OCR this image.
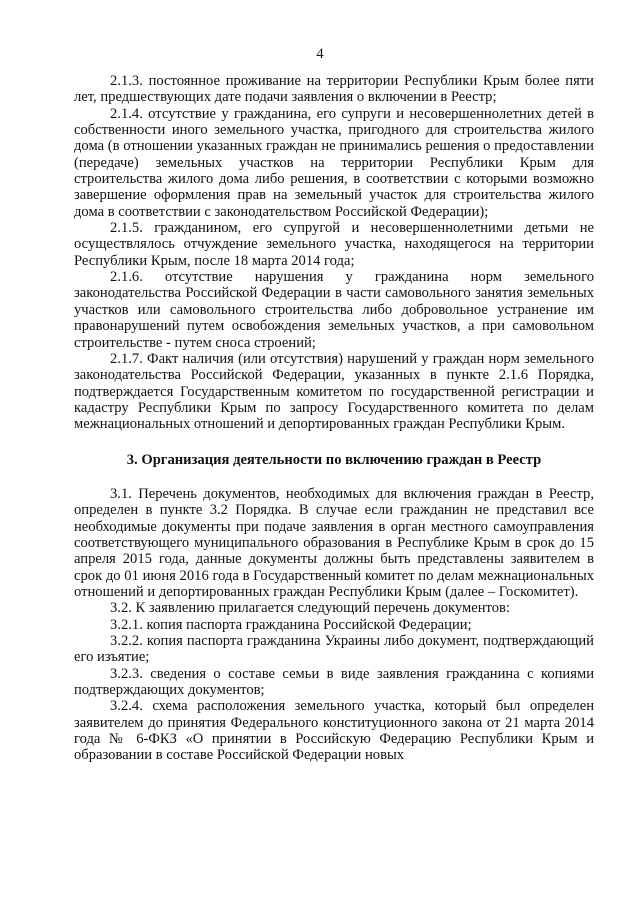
4

2.1.3. постоянное проживание на территории Республики Крым более пяти лет, предшествующих дате подачи заявления о включении в Реестр;

2.1.4. отсутствие у гражданина, его супруги и несовершеннолетних детей в собственности иного земельного участка, пригодного для строительства жилого дома (в отношении указанных граждан не принимались решения о предоставлении (передаче) земельных участков на территории Республики Крым для строительства жилого дома либо решения, в соответствии с которыми возможно завершение оформления прав на земельный участок для строительства жилого дома в соответствии с законодательством Российской Федерации);

2.1.5. гражданином, его супругой и несовершеннолетними детьми не осуществлялось отчуждение земельного участка, находящегося на территории Республики Крым, после 18 марта 2014 года;

2.1.6. отсутствие нарушения у гражданина норм земельного законодательства Российской Федерации в части самовольного занятия земельных участков или самовольного строительства либо добровольное устранение им правонарушений путем освобождения земельных участков, а при самовольном строительстве - путем сноса строений;

2.1.7. Факт наличия (или отсутствия) нарушений у граждан норм земельного законодательства Российской Федерации, указанных в пункте 2.1.6 Порядка, подтверждается Государственным комитетом по государственной регистрации и кадастру Республики Крым по запросу Государственного комитета по делам межнациональных отношений и депортированных граждан Республики Крым.

3. Организация деятельности по включению граждан в Реестр

3.1. Перечень документов, необходимых для включения граждан в Реестр, определен в пункте 3.2 Порядка. В случае если гражданин не представил все необходимые документы при подаче заявления в орган местного самоуправления соответствующего муниципального образования в Республике Крым в срок до 15 апреля 2015 года, данные документы должны быть представлены заявителем в срок до 01 июня 2016 года в Государственный комитет по делам межнациональных отношений и депортированных граждан Республики Крым (далее – Госкомитет).

3.2. К заявлению прилагается следующий перечень документов:

3.2.1. копия паспорта гражданина Российской Федерации;

3.2.2. копия паспорта гражданина Украины либо документ, подтверждающий его изъятие;

3.2.3. сведения о составе семьи в виде заявления гражданина с копиями подтверждающих документов;

3.2.4. схема расположения земельного участка, который был определен заявителем до принятия Федерального конституционного закона от 21 марта 2014 года № 6-ФКЗ «О принятии в Российскую Федерацию Республики Крым и образовании в составе Российской Федерации новых
